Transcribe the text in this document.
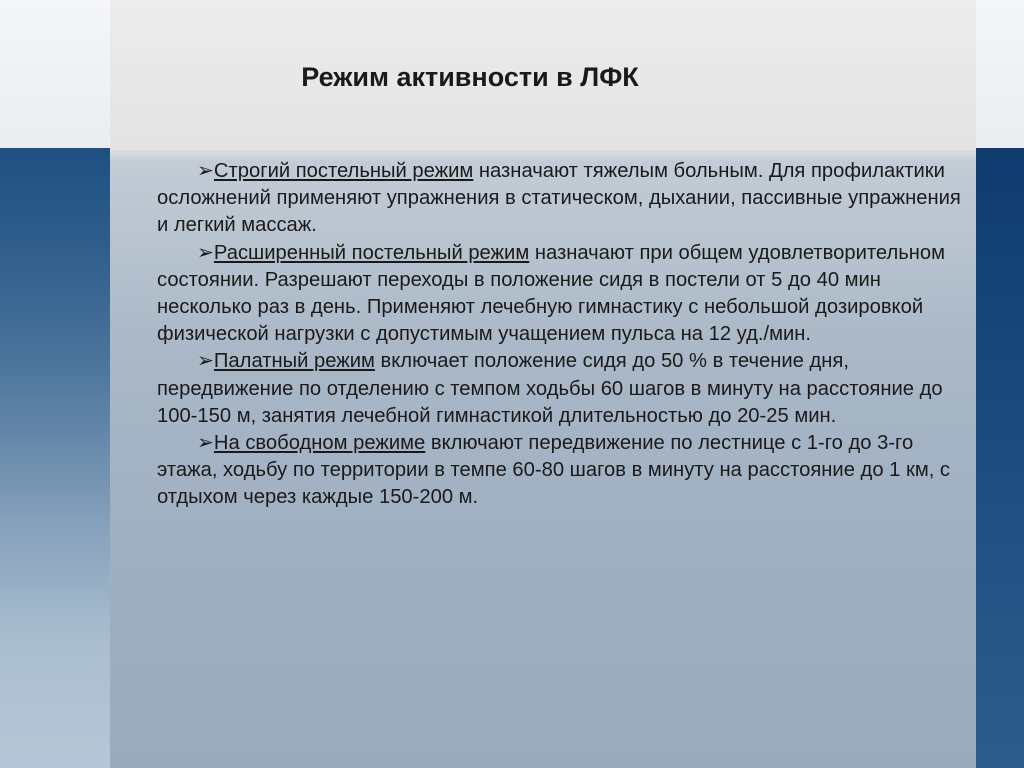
Режим активности в ЛФК

➢Строгий постельный режим назначают тяжелым больным. Для профилактики осложнений применяют упражнения в статическом, дыхании, пассивные упражнения и легкий массаж.

➢Расширенный постельный режим назначают при общем удовлетворительном состоянии. Разрешают переходы в положение сидя в постели от 5 до 40 мин несколько раз в день. Применяют лечебную гимнастику с небольшой дозировкой физической нагрузки с допустимым учащением пульса на 12 уд./мин.

➢Палатный режим включает положение сидя до 50 % в течение дня, передвижение по отделению с темпом ходьбы 60 шагов в минуту на расстояние до 100-150 м, занятия лечебной гимнастикой длительностью до 20-25 мин.

➢На свободном режиме включают передвижение по лестнице с 1-го до 3-го этажа, ходьбу по территории в темпе 60-80 шагов в минуту на расстояние до 1 км, с отдыхом через каждые 150-200 м.
